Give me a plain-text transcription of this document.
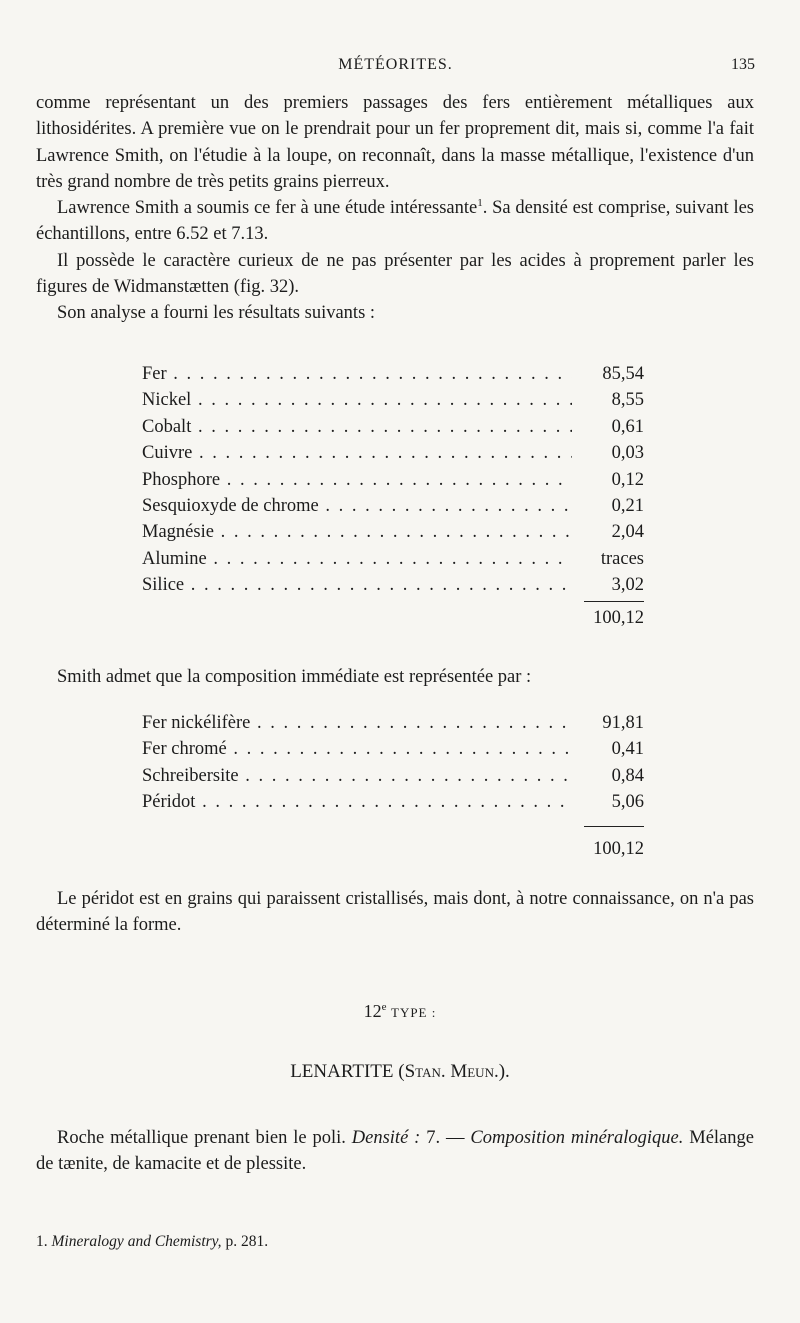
MÉTÉORITES.	135

comme représentant un des premiers passages des fers entièrement métalliques aux lithosidérites. A première vue on le prendrait pour un fer proprement dit, mais si, comme l'a fait Lawrence Smith, on l'étudie à la loupe, on reconnaît, dans la masse métallique, l'existence d'un très grand nombre de très petits grains pierreux.

Lawrence Smith a soumis ce fer à une étude intéressante$^1$. Sa densité est comprise, suivant les échantillons, entre 6.52 et 7.13.

Il possède le caractère curieux de ne pas présenter par les acides à proprement parler les figures de Widmanstætten (fig. 32).

Son analyse a fourni les résultats suivants :

Fer . . .	85,54
Nickel . . .	8,55
Cobalt . . .	0,61
Cuivre . . .	0,03
Phosphore . . .	0,12
Sesquioxyde de chrome . . .	0,21
Magnésie . . .	2,04
Alumine . . .	traces
Silice . . .	3,02
100,12

Smith admet que la composition immédiate est représentée par :

Fer nickélifère . . .	91,81
Fer chromé . . .	0,41
Schreibersite . . .	0,84
Péridot . . .	5,06
100,12

Le péridot est en grains qui paraissent cristallisés, mais dont, à notre connaissance, on n'a pas déterminé la forme.

12e TYPE :
LENARTITE (Stan. Meun.).

Roche métallique prenant bien le poli. Densité : 7. — Composition minéralogique. Mélange de tænite, de kamacite et de plessite.

1. Mineralogy and Chemistry, p. 281.
